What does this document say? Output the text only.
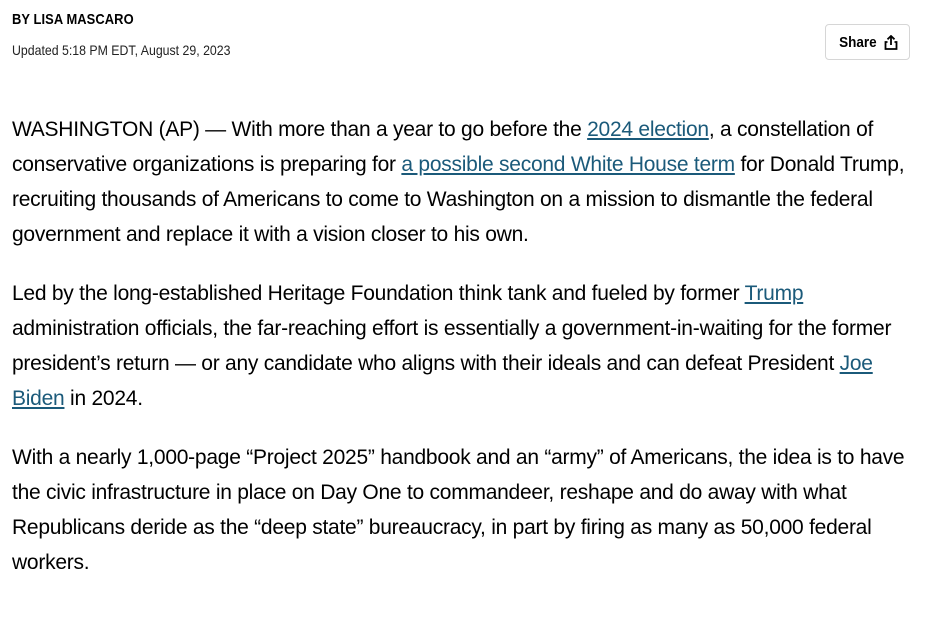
BY LISA MASCARO
Updated 5:18 PM EDT, August 29, 2023	Share

WASHINGTON (AP) — With more than a year to go before the 2024 election, a constellation of conservative organizations is preparing for a possible second White House term for Donald Trump, recruiting thousands of Americans to come to Washington on a mission to dismantle the federal government and replace it with a vision closer to his own.

Led by the long-established Heritage Foundation think tank and fueled by former Trump administration officials, the far-reaching effort is essentially a government-in-waiting for the former president’s return — or any candidate who aligns with their ideals and can defeat President Joe Biden in 2024.

With a nearly 1,000-page “Project 2025” handbook and an “army” of Americans, the idea is to have the civic infrastructure in place on Day One to commandeer, reshape and do away with what Republicans deride as the “deep state” bureaucracy, in part by firing as many as 50,000 federal workers.
